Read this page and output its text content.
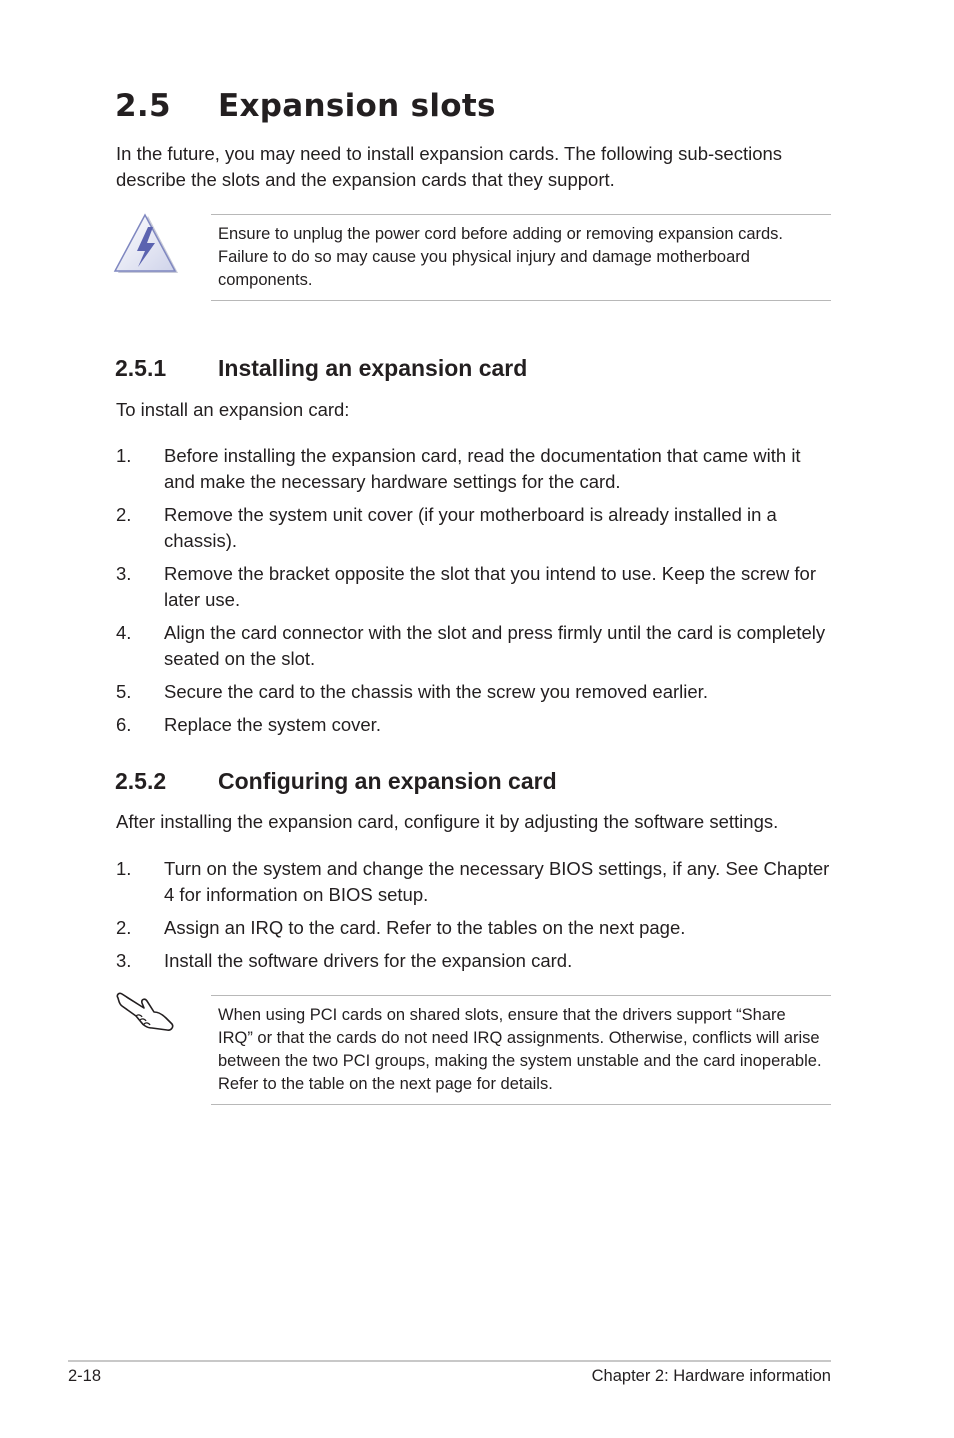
2.5 Expansion slots
In the future, you may need to install expansion cards. The following sub-sections describe the slots and the expansion cards that they support.
Ensure to unplug the power cord before adding or removing expansion cards. Failure to do so may cause you physical injury and damage motherboard components.
2.5.1 Installing an expansion card
To install an expansion card:
1.	Before installing the expansion card, read the documentation that came with it and make the necessary hardware settings for the card.
2.	Remove the system unit cover (if your motherboard is already installed in a chassis).
3.	Remove the bracket opposite the slot that you intend to use. Keep the screw for later use.
4.	Align the card connector with the slot and press firmly until the card is completely seated on the slot.
5.	Secure the card to the chassis with the screw you removed earlier.
6.	Replace the system cover.
2.5.2 Configuring an expansion card
After installing the expansion card, configure it by adjusting the software settings.
1.	Turn on the system and change the necessary BIOS settings, if any. See Chapter 4 for information on BIOS setup.
2.	Assign an IRQ to the card. Refer to the tables on the next page.
3.	Install the software drivers for the expansion card.
When using PCI cards on shared slots, ensure that the drivers support “Share IRQ” or that the cards do not need IRQ assignments. Otherwise, conflicts will arise between the two PCI groups, making the system unstable and the card inoperable. Refer to the table on the next page for details.
2-18	Chapter 2: Hardware information
